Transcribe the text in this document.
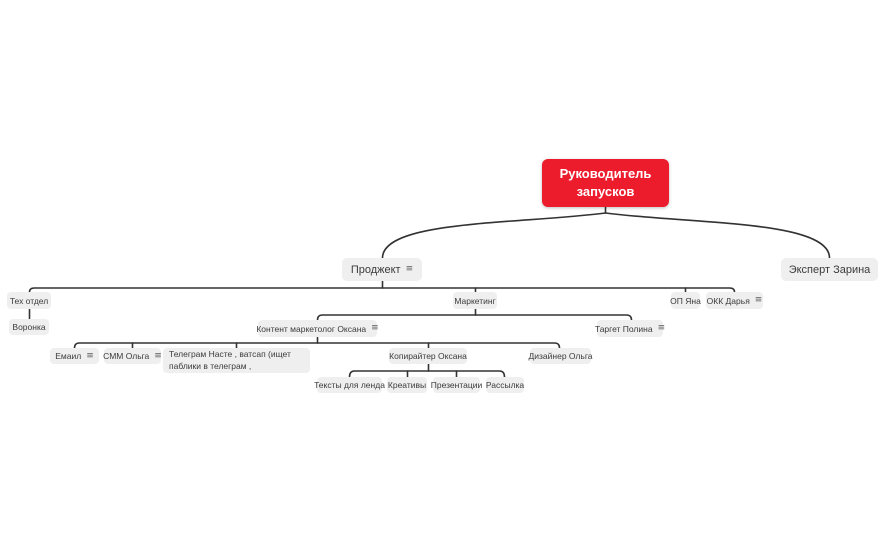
Руководитель запусков
Проджект ≡	Эксперт Зарина
Тех отдел	Маркетинг	ОП Яна ОКК Дарья ≡
Воронка	Контент маркетолог Оксана ≡	Таргет Полина ≡
Емаил ≡ СММ Ольга ≡ Телеграм Насте , ватсап (ищет паблики в телеграм ,
Копирайтер Оксана	Дизайнер Ольга
Тексты для ленда Креативы Презентации Рассылка
